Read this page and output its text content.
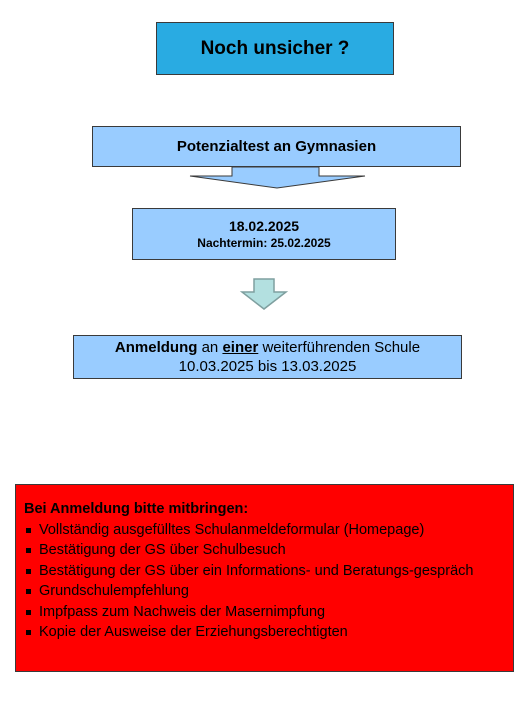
Noch unsicher ?
Potenzialtest an Gymnasien
18.02.2025
Nachtermin: 25.02.2025
Anmeldung an einer weiterführenden Schule
10.03.2025 bis 13.03.2025
Bei Anmeldung bitte mitbringen:
Vollständig ausgefülltes Schulanmeldeformular (Homepage)
Bestätigung der GS über Schulbesuch
Bestätigung der GS über ein Informations- und Beratungs-gespräch
Grundschulempfehlung
Impfpass zum Nachweis der Masernimpfung
Kopie der Ausweise der Erziehungsberechtigten
